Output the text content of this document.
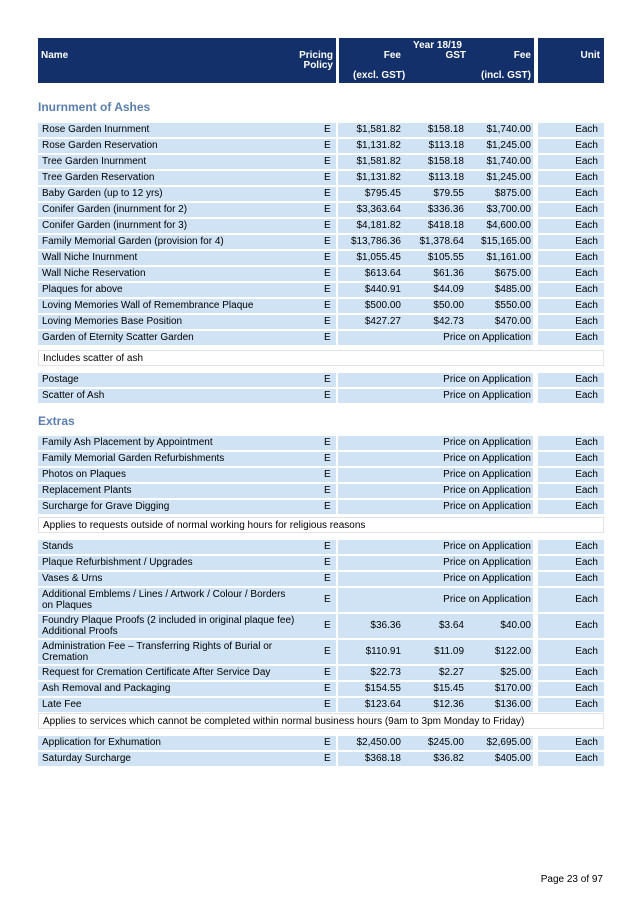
Name	Pricing
Policy
Year 18/19
Fee	GST	Fee
(excl. GST)	(incl. GST)
Unit
Inurnment of Ashes
Rose Garden Inurnment	E	$1,581.82	$158.18 $1,740.00	Each
Rose Garden Reservation	E	$1,131.82	$113.18 $1,245.00	Each
Tree Garden Inurnment	E	$1,581.82	$158.18 $1,740.00	Each
Tree Garden Reservation	E	$1,131.82	$113.18 $1,245.00	Each
Baby Garden (up to 12 yrs)	E	$795.45	$79.55	$875.00	Each
Conifer Garden (inurnment for 2)	E	$3,363.64	$336.36 $3,700.00	Each
Conifer Garden (inurnment for 3)	E	$4,181.82	$418.18 $4,600.00	Each
Family Memorial Garden (provision for 4)	E $13,786.36 $1,378.64 $15,165.00	Each
Wall Niche Inurnment	E	$1,055.45	$105.55 $1,161.00	Each
Wall Niche Reservation	E	$613.64	$61.36	$675.00	Each
Plaques for above	E	$440.91	$44.09	$485.00	Each
Loving Memories Wall of Remembrance Plaque	E	$500.00	$50.00	$550.00	Each
Loving Memories Base Position	E	$427.27	$42.73	$470.00	Each
Garden of Eternity Scatter Garden	E	Price on Application	Each
Includes scatter of ash
Postage	E	Price on Application	Each
Scatter of Ash	E	Price on Application	Each
Extras
Family Ash Placement by Appointment	E	Price on Application	Each
Family Memorial Garden Refurbishments	E	Price on Application	Each
Photos on Plaques	E	Price on Application	Each
Replacement Plants	E	Price on Application	Each
Surcharge for Grave Digging	E	Price on Application	Each
Applies to requests outside of normal working hours for religious reasons
Stands	E	Price on Application	Each
Plaque Refurbishment / Upgrades	E	Price on Application	Each
Vases & Urns	E	Price on Application	Each
Additional Emblems / Lines / Artwork / Colour / Borders
on Plaques
E	Price on Application	Each
Foundry Plaque Proofs (2 included in original plaque fee)
Additional Proofs
E	$36.36	$3.64	$40.00	Each
Administration Fee – Transferring Rights of Burial or
Cremation
E	$110.91	$11.09	$122.00	Each
Request for Cremation Certificate After Service Day	E	$22.73	$2.27	$25.00	Each
Ash Removal and Packaging	E	$154.55	$15.45	$170.00	Each
Late Fee	E	$123.64	$12.36	$136.00	Each
Applies to services which cannot be completed within normal business hours (9am to 3pm Monday to Friday)
Application for Exhumation	E	$2,450.00	$245.00 $2,695.00	Each
Saturday Surcharge	E	$368.18	$36.82	$405.00	Each
Page 23 of 97
